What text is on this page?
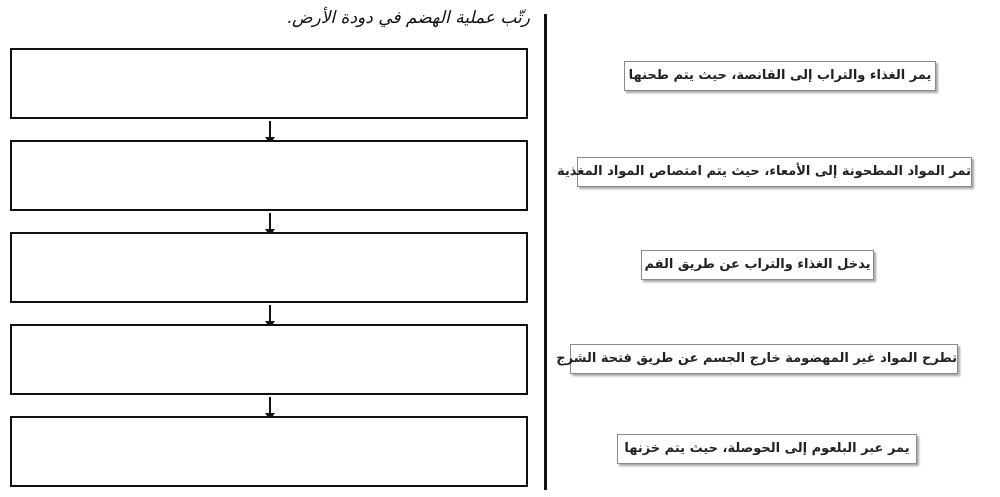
رتّب عملية الهضم في دودة الأرض.
يمر الغذاء والتراب إلى القانصة، حيث يتم طحنها
تمر المواد المطحونة إلى الأمعاء، حيث يتم امتصاص المواد المغذية
يدخل الغذاء والتراب عن طريق الفم
تطرح المواد غير المهضومة خارج الجسم عن طريق فتحة الشرج
يمر عبر البلعوم إلى الحوصلة، حيث يتم خزنها
